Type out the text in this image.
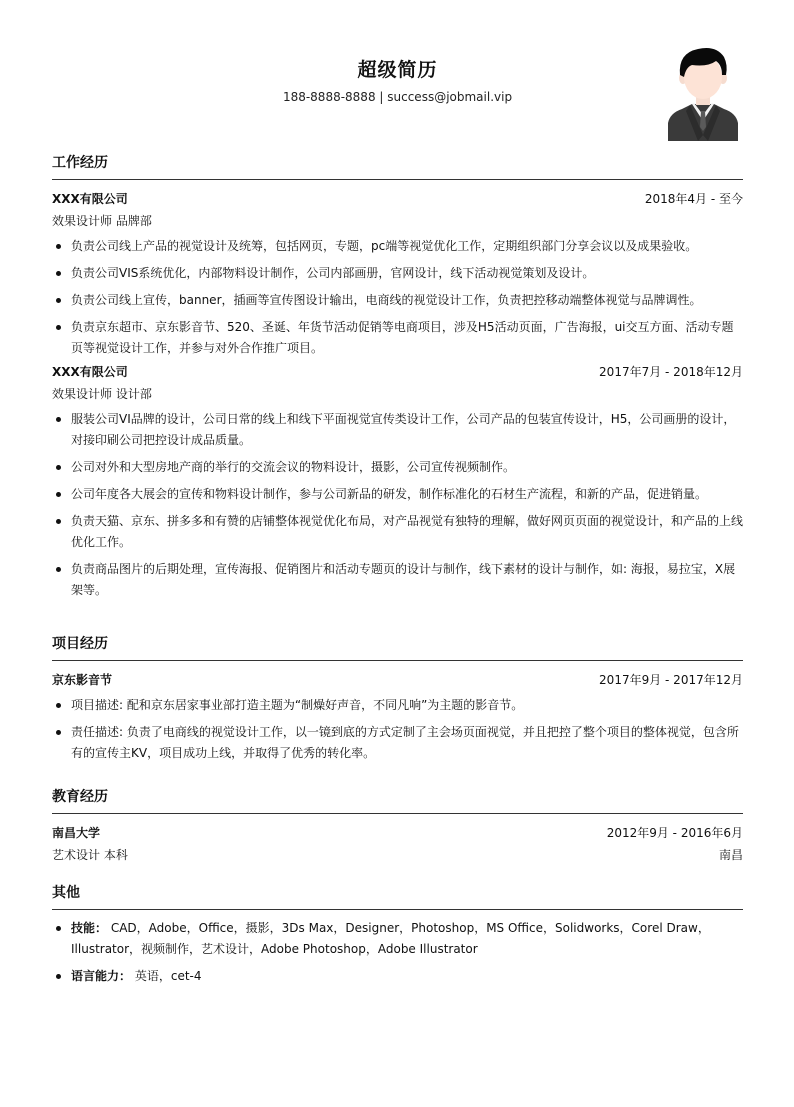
超级简历
188-8888-8888 | success@jobmail.vip
工作经历
XXX有限公司	2018年4月 - 至今
效果设计师 品牌部
负责公司线上产品的视觉设计及统筹，包括网页，专题，pc端等视觉优化工作，定期组织部门分享会议以及成果验收。
负责公司VIS系统优化，内部物料设计制作，公司内部画册，官网设计，线下活动视觉策划及设计。
负责公司线上宣传，banner，插画等宣传图设计输出，电商线的视觉设计工作，负责把控移动端整体视觉与品牌调性。
负责京东超市、京东影音节、520、圣诞、年货节活动促销等电商项目，涉及H5活动页面，广告海报，ui交互方面、活动专题页等视觉设计工作，并参与对外合作推广项目。
XXX有限公司	2017年7月 - 2018年12月
效果设计师 设计部
服装公司VI品牌的设计，公司日常的线上和线下平面视觉宣传类设计工作，公司产品的包装宣传设计，H5，公司画册的设计，对接印刷公司把控设计成品质量。
公司对外和大型房地产商的举行的交流会议的物料设计，摄影，公司宣传视频制作。
公司年度各大展会的宣传和物料设计制作，参与公司新品的研发，制作标准化的石材生产流程，和新的产品，促进销量。
负责天猫、京东、拼多多和有赞的店铺整体视觉优化布局，对产品视觉有独特的理解，做好网页页面的视觉设计，和产品的上线优化工作。
负责商品图片的后期处理，宣传海报、促销图片和活动专题页的设计与制作，线下素材的设计与制作，如: 海报，易拉宝，X展架等。
项目经历
京东影音节	2017年9月 - 2017年12月
项目描述: 配和京东居家事业部打造主题为“制燥好声音，不同凡响”为主题的影音节。
责任描述: 负责了电商线的视觉设计工作，以一镜到底的方式定制了主会场页面视觉，并且把控了整个项目的整体视觉，包含所有的宣传主KV，项目成功上线，并取得了优秀的转化率。
教育经历
南昌大学	2012年9月 - 2016年6月
艺术设计 本科	南昌
其他
技能： CAD，Adobe，Office，摄影，3Ds Max，Designer，Photoshop，MS Office，Solidworks，Corel Draw，Illustrator，视频制作，艺术设计，Adobe Photoshop，Adobe Illustrator
语言能力： 英语，cet-4
